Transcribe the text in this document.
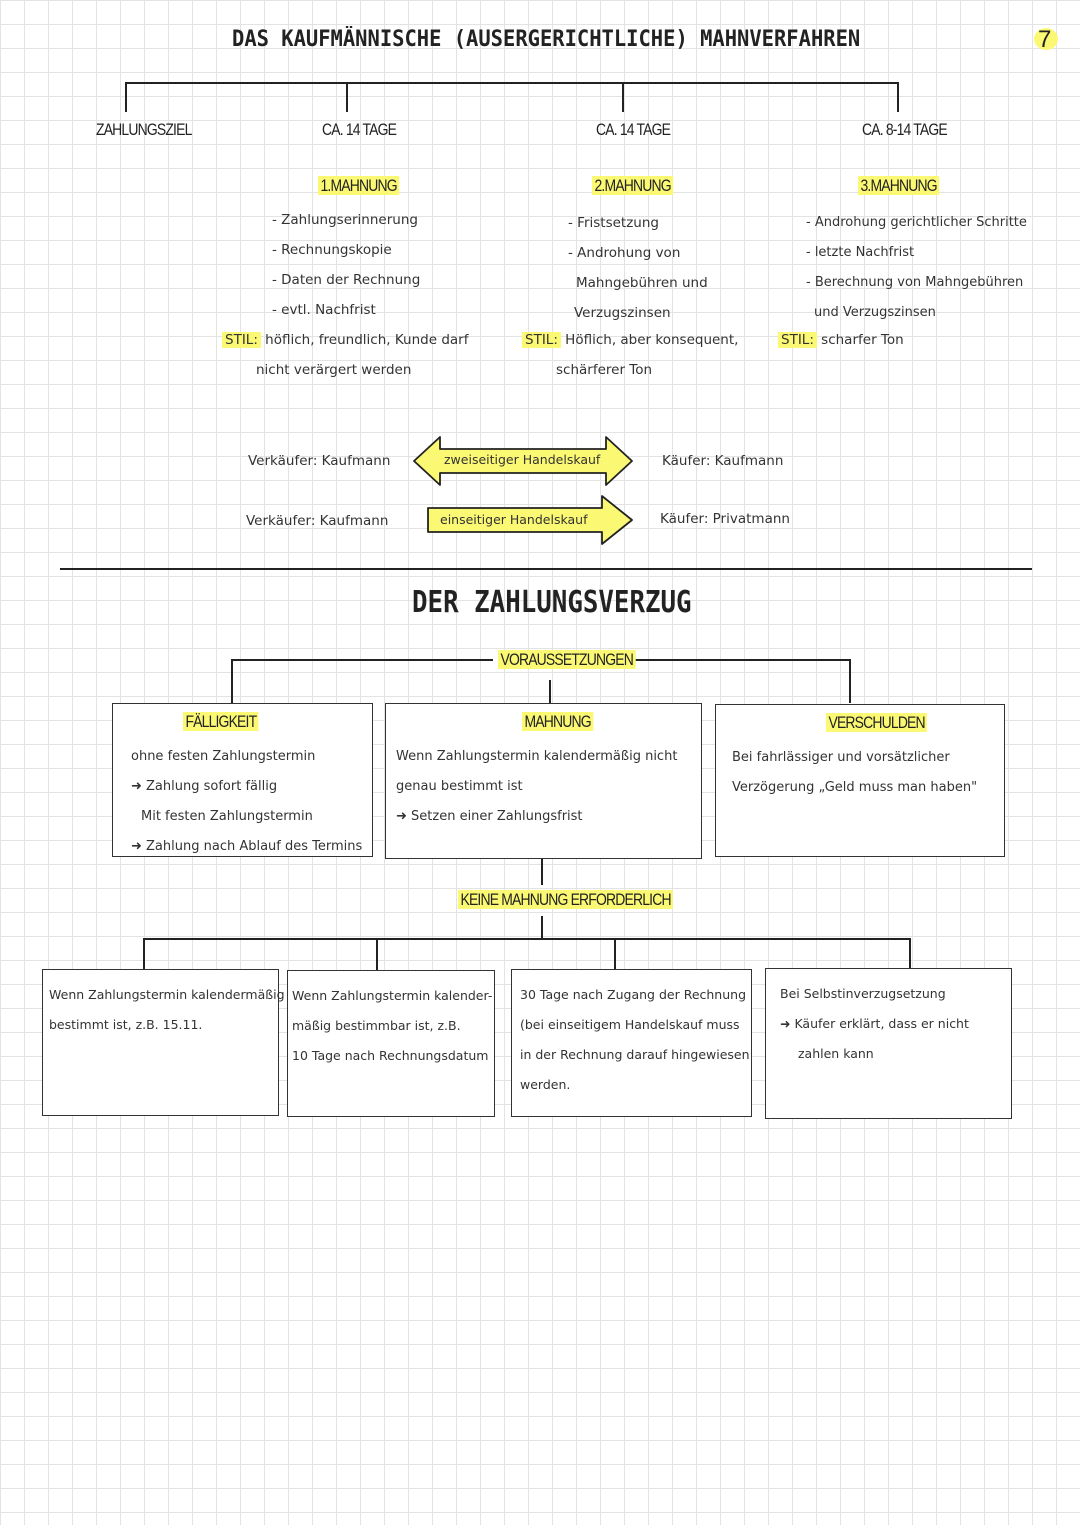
7
DAS KAUFMÄNNISCHE (AUSERGERICHTLICHE) MAHNVERFAHREN
ZAHLUNGSZIEL	CA. 14 TAGE	CA. 14 TAGE	CA. 8-14 TAGE
1.MAHNUNG
- Zahlungserinnerung
- Rechnungskopie
- Daten der Rechnung
- evtl. Nachfrist
STIL: höflich, freundlich, Kunde darf
nicht verärgert werden
2.MAHNUNG
- Fristsetzung
- Androhung von
Mahngebühren und
Verzugszinsen
STIL: Höflich, aber konsequent,
schärferer Ton
3.MAHNUNG
- Androhung gerichtlicher Schritte
- letzte Nachfrist
- Berechnung von Mahngebühren
und Verzugszinsen
STIL: scharfer Ton
Verkäufer: Kaufmann	zweiseitiger Handelskauf	Käufer: Kaufmann
Verkäufer: Kaufmann	einseitiger Handelskauf	Käufer: Privatmann
DER ZAHLUNGSVERZUG
VORAUSSETZUNGEN
FÄLLIGKEIT
ohne festen Zahlungstermin
➜ Zahlung sofort fällig
Mit festen Zahlungstermin
➜ Zahlung nach Ablauf des Termins
MAHNUNG
Wenn Zahlungstermin kalendermäßig nicht
genau bestimmt ist
➜ Setzen einer Zahlungsfrist
VERSCHULDEN
Bei fahrlässiger und vorsätzlicher
Verzögerung „Geld muss man haben"
KEINE MAHNUNG ERFORDERLICH
Wenn Zahlungstermin kalendermäßig
bestimmt ist, z.B. 15.11.
Wenn Zahlungstermin kalender-
mäßig bestimmbar ist, z.B.
10 Tage nach Rechnungsdatum
30 Tage nach Zugang der Rechnung
(bei einseitigem Handelskauf muss
in der Rechnung darauf hingewiesen
werden.
Bei Selbstinverzugsetzung
➜ Käufer erklärt, dass er nicht
zahlen kann
